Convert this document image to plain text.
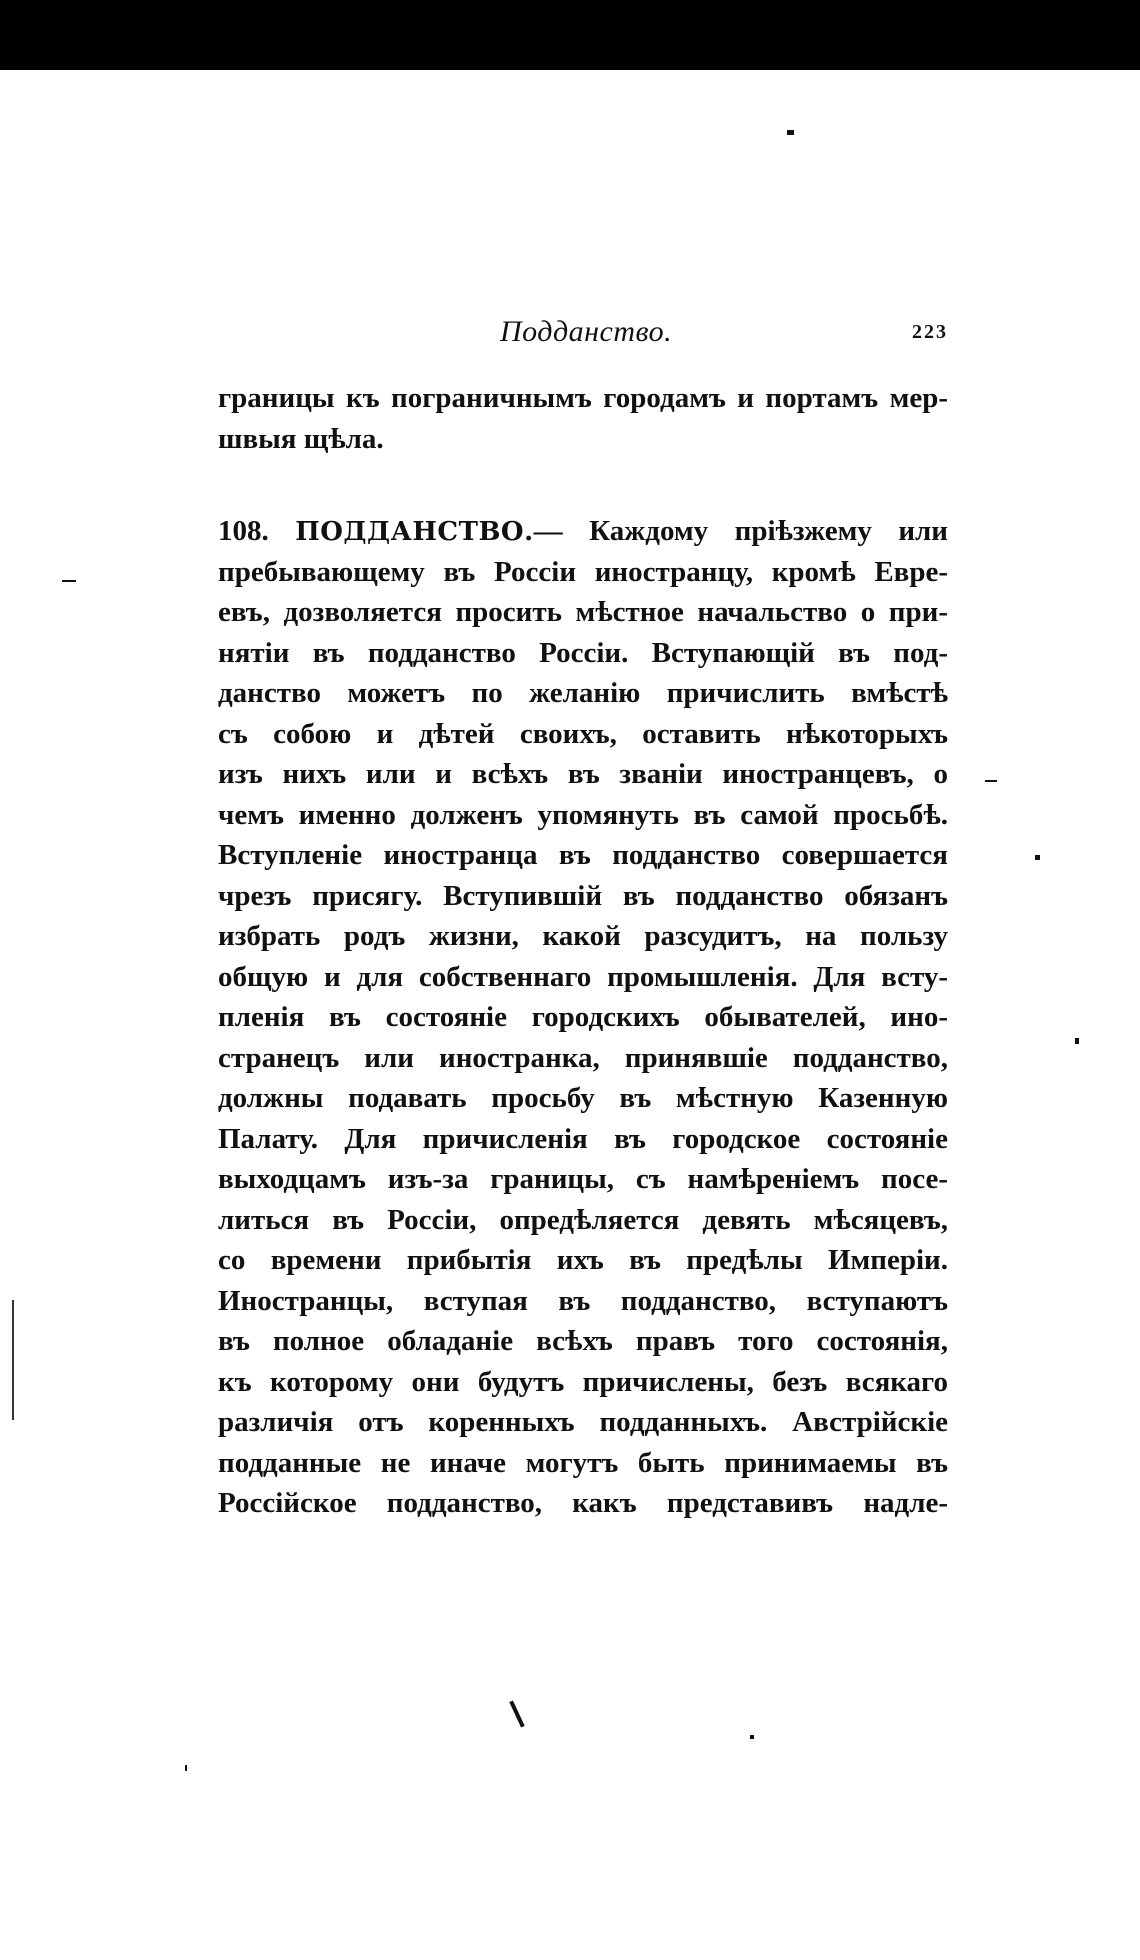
Подданство.	223
границы къ пограничнымъ городамъ и портамъ мер-
швыя щѣла.
108. ПОДДАНСТВО.— Каждому пріѣзжему или
пребывающему въ Россіи иностранцу, кромѣ Евре-
евъ, дозволяется просить мѣстное начальство о при-
нятіи въ подданство Россіи. Вступающій въ под-
данство можетъ по желанію причислить вмѣстѣ
съ собою и дѣтей своихъ, оставить нѣкоторыхъ
изъ нихъ или и всѣхъ въ званіи иностранцевъ, о
чемъ именно долженъ упомянуть въ самой просьбѣ.
Вступленіе иностранца въ подданство совершается
чрезъ присягу. Вступившій въ подданство обязанъ
избрать родъ жизни, какой разсудитъ, на пользу
общую и для собственнаго промышленія. Для всту-
пленія въ состояніе городскихъ обывателей, ино-
странецъ или иностранка, принявшіе подданство,
должны подавать просьбу въ мѣстную Казенную
Палату. Для причисленія въ городское состояніе
выходцамъ изъ-за границы, съ намѣреніемъ посе-
литься въ Россіи, опредѣляется девять мѣсяцевъ,
со времени прибытія ихъ въ предѣлы Имперіи.
Иностранцы, вступая въ подданство, вступаютъ
въ полное обладаніе всѣхъ правъ того состоянія,
къ которому они будутъ причислены, безъ всякаго
различія отъ коренныхъ подданныхъ. Австрійскіе
подданные не иначе могутъ быть принимаемы въ
Россійское подданство, какъ представивъ надле-
